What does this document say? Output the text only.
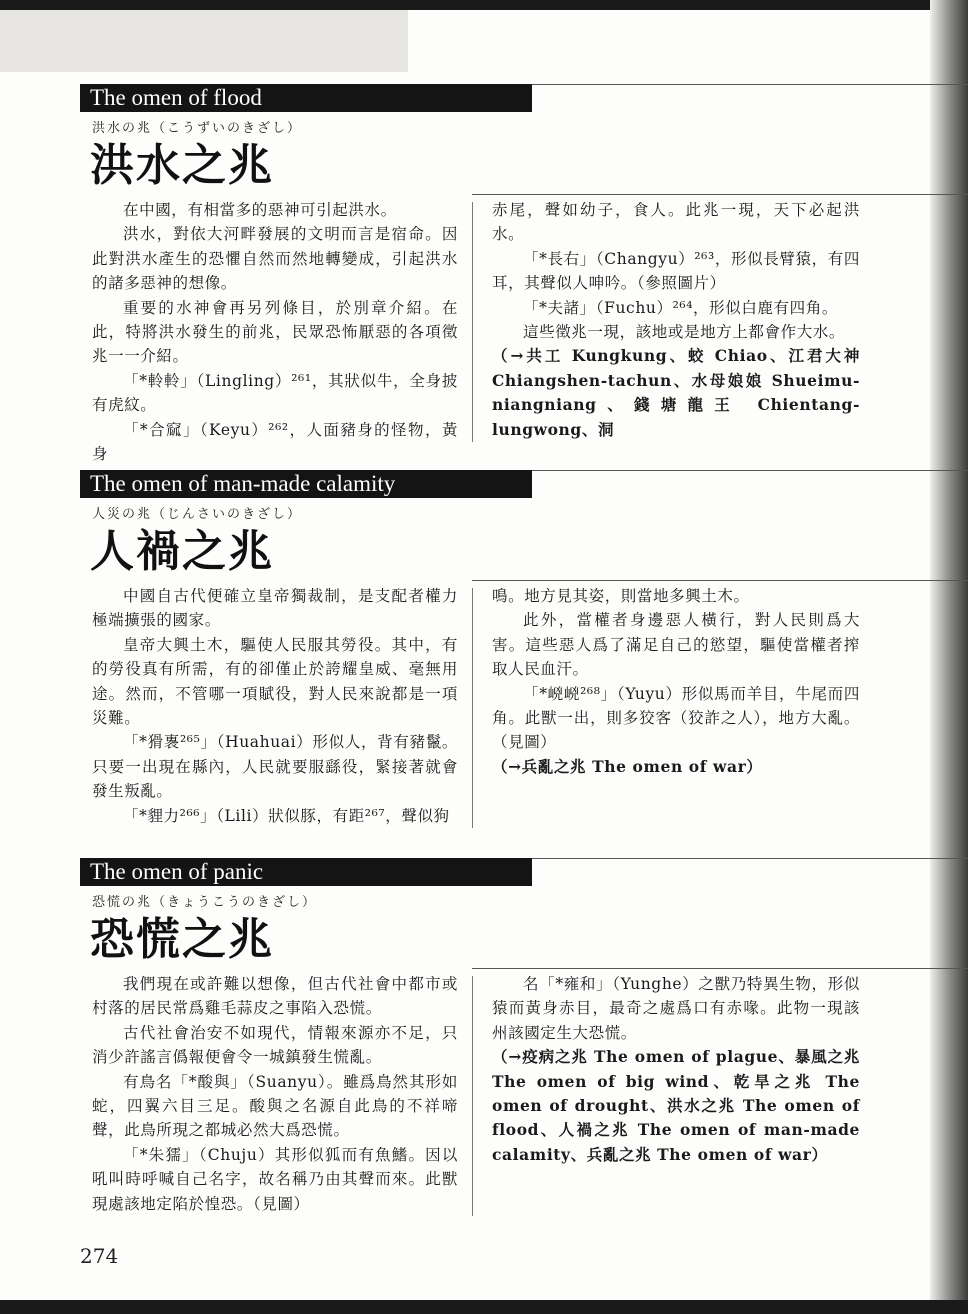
The omen of flood
洪水の兆（こうずいのきざし）
洪水之兆

在中國，有相當多的惡神可引起洪水。

洪水，對依大河畔發展的文明而言是宿命。因此對洪水產生的恐懼自然而然地轉變成，引起洪水的諸多惡神的想像。

重要的水神會再另列條目，於別章介紹。在此，特將洪水發生的前兆，民眾恐怖厭惡的各項徵兆一一介紹。

「*軨軨」（Lingling）²⁶¹，其狀似牛，全身披有虎紋。

「*合窳」（Keyu）²⁶²，人面豬身的怪物，黃身

赤尾，聲如幼子，食人。此兆一現，天下必起洪水。

「*長右」（Changyu）²⁶³，形似長臂猿，有四耳，其聲似人呻吟。（參照圖片）

「*夫諸」（Fuchu）²⁶⁴，形似白鹿有四角。

這些徵兆一現，該地或是地方上都會作大水。

（→共工 Kungkung、蛟 Chiao、江君大神 Chiangshen-tachun、水母娘娘 Shueimu-niangniang、錢塘龍王 Chientang-lungwong、洞

The omen of man-made calamity
人災の兆（じんさいのきざし）
人禍之兆

中國自古代便確立皇帝獨裁制，是支配者權力極端擴張的國家。

皇帝大興土木，驅使人民服其勞役。其中，有的勞役真有所需，有的卻僅止於誇耀皇威、毫無用途。然而，不管哪一項賦役，對人民來說都是一項災難。

「*猾褢²⁶⁵」（Huahuai）形似人，背有豬鬣。只要一出現在縣內，人民就要服繇役，緊接著就會發生叛亂。

「*貍力²⁶⁶」（Lili）狀似豚，有距²⁶⁷，聲似狗

鳴。地方見其姿，則當地多興土木。

此外，當權者身邊惡人橫行，對人民則爲大害。這些惡人爲了滿足自己的慾望，驅使當權者搾取人民血汗。

「*㟅㟅²⁶⁸」（Yuyu）形似馬而羊目，牛尾而四角。此獸一出，則多狡客（狡詐之人），地方大亂。（見圖）

（→兵亂之兆 The omen of war）

The omen of panic
恐慌の兆（きょうこうのきざし）
恐慌之兆

我們現在或許難以想像，但古代社會中都市或村落的居民常爲雞毛蒜皮之事陷入恐慌。

古代社會治安不如現代，情報來源亦不足，只消少許謠言僞報便會令一城鎮發生慌亂。

有鳥名「*酸與」（Suanyu）。雖爲鳥然其形如蛇，四翼六目三足。酸與之名源自此鳥的不祥啼聲，此鳥所現之都城必然大爲恐慌。

「*朱獳」（Chuju）其形似狐而有魚鰭。因以吼叫時呼喊自己名字，故名稱乃由其聲而來。此獸現處該地定陷於惶恐。（見圖）

名「*雍和」（Yunghe）之獸乃特異生物，形似猿而黃身赤目，最奇之處爲口有赤喙。此物一現該州該國定生大恐慌。

（→疫病之兆 The omen of plague、暴風之兆 The omen of big wind、乾旱之兆 The omen of drought、洪水之兆 The omen of flood、人禍之兆 The omen of man-made calamity、兵亂之兆 The omen of war）

274
